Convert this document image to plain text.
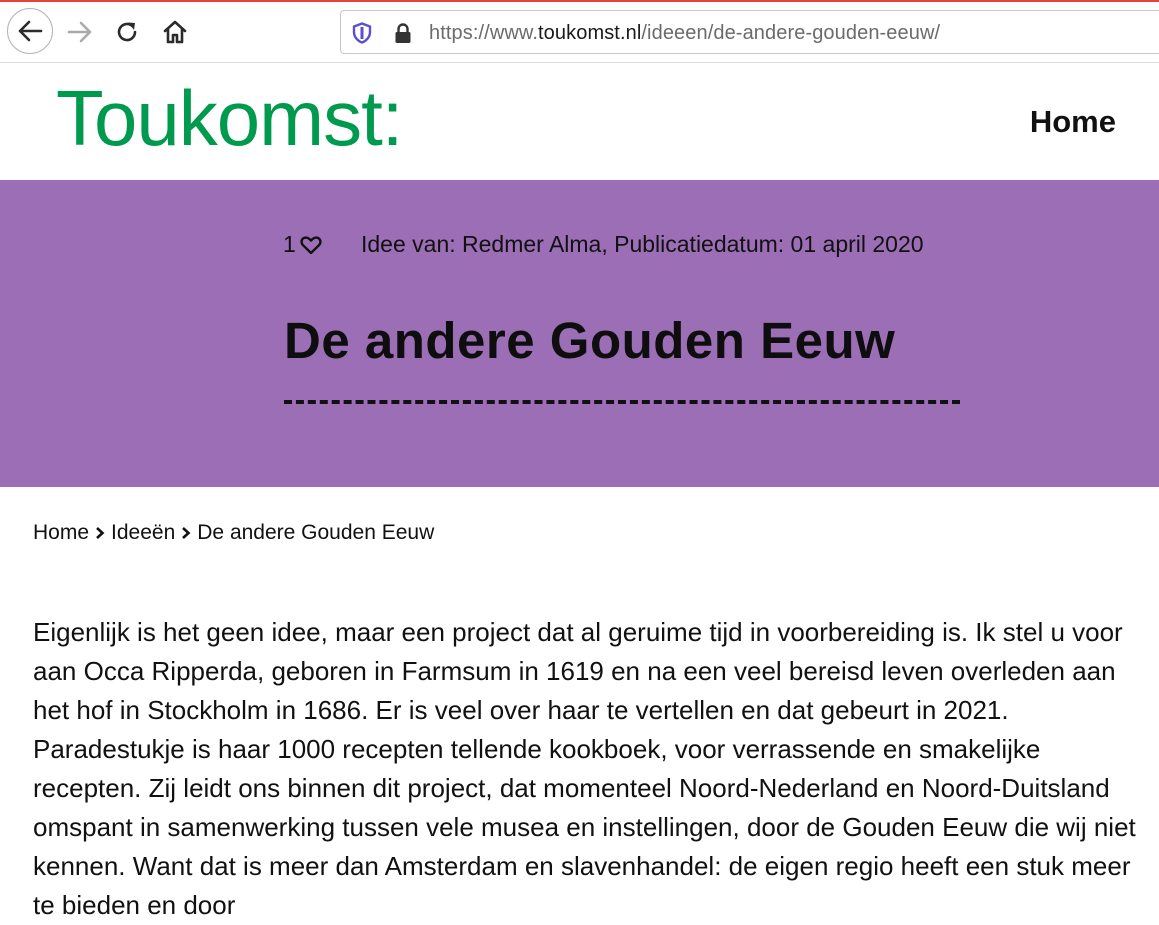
https://www.toukomst.nl/ideeen/de-andere-gouden-eeuw/
Toukomst:	Home
1	Idee van: Redmer Alma, Publicatiedatum: 01 april 2020
De andere Gouden Eeuw
Home Ideeën De andere Gouden Eeuw

Eigenlijk is het geen idee, maar een project dat al geruime tijd in voorbereiding is. Ik stel u voor aan Occa Ripperda, geboren in Farmsum in 1619 en na een veel bereisd leven overleden aan het hof in Stockholm in 1686. Er is veel over haar te vertellen en dat gebeurt in 2021. Paradestukje is haar 1000 recepten tellende kookboek, voor verrassende en smakelijke recepten. Zij leidt ons binnen dit project, dat momenteel Noord-Nederland en Noord-Duitsland omspant in samenwerking tussen vele musea en instellingen, door de Gouden Eeuw die wij niet kennen. Want dat is meer dan Amsterdam en slavenhandel: de eigen regio heeft een stuk meer te bieden en door
